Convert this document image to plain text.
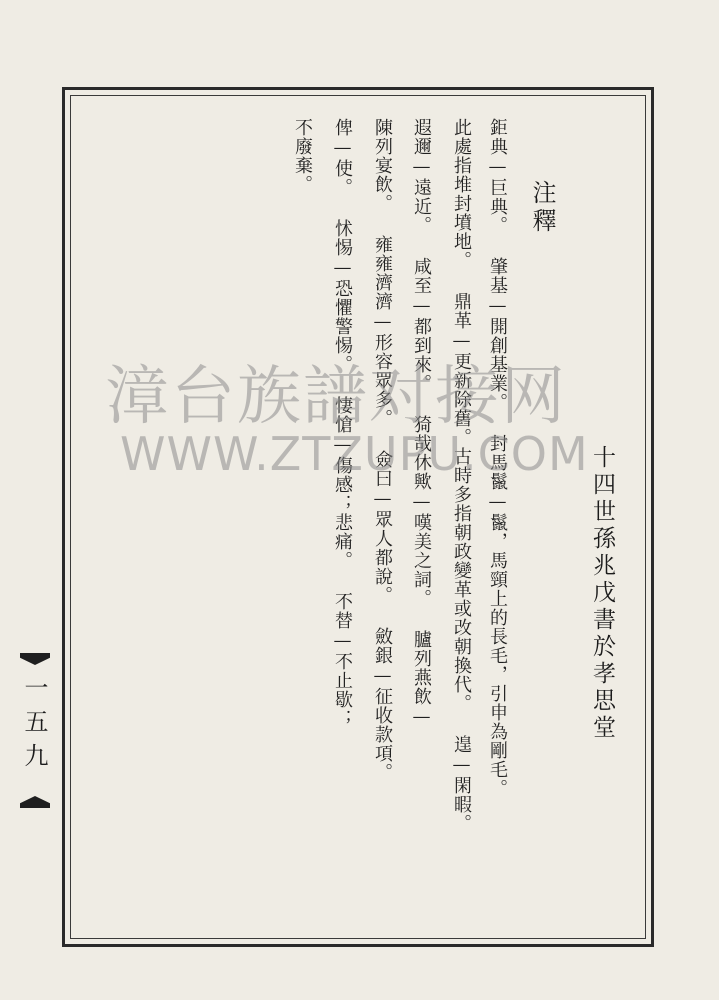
十四世孫兆戊書於孝思堂
注釋
鉅典—巨典。 肇基—開創基業。 封馬鬣—鬣，馬頸上的長毛，引申為剛毛。
此處指堆封墳地。 鼎革—更新除舊。古時多指朝政變革或改朝換代。 遑—閑暇。
遐邇—遠近。 咸至—都到來。 猗哉休歟—嘆美之詞。 臚列燕飲—
陳列宴飲。 雍雍濟濟—形容眾多。 僉曰—眾人都說。 斂銀—征收款項。
俾—使。 怵惕—恐懼警惕。 悽愴—傷感；悲痛。 不替—不止歇；
不廢棄。
一五九
漳台族譜对接网
WWW.ZTZUPU.COM
